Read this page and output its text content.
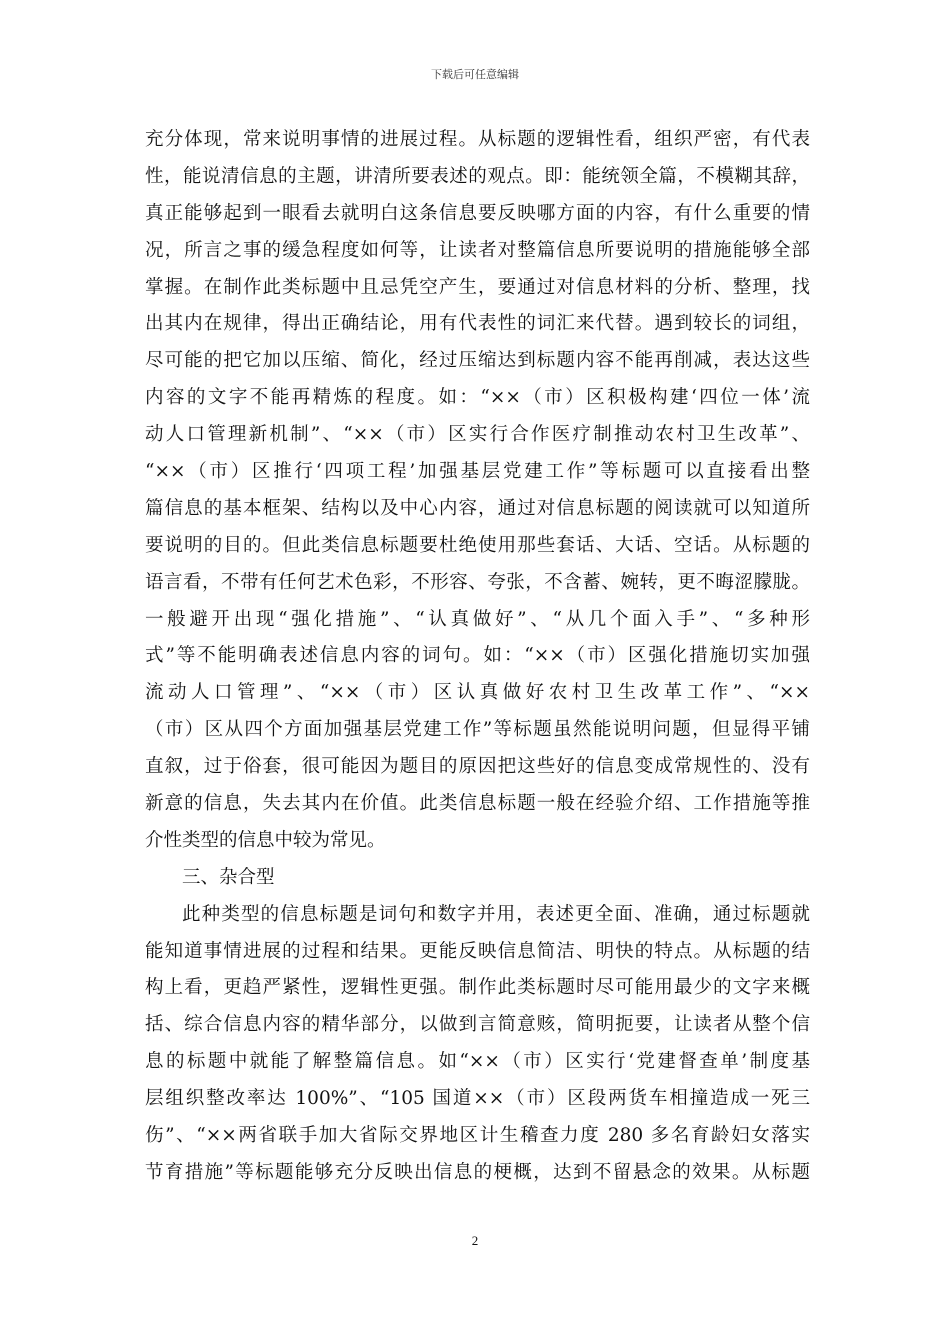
下载后可任意编辑
充分体现，常来说明事情的进展过程。从标题的逻辑性看，组织严密，有代表
性，能说清信息的主题，讲清所要表述的观点。即：能统领全篇，不模糊其辞，
真正能够起到一眼看去就明白这条信息要反映哪方面的内容，有什么重要的情
况，所言之事的缓急程度如何等，让读者对整篇信息所要说明的措施能够全部
掌握。在制作此类标题中且忌凭空产生，要通过对信息材料的分析、整理，找
出其内在规律，得出正确结论，用有代表性的词汇来代替。遇到较长的词组，
尽可能的把它加以压缩、简化，经过压缩达到标题内容不能再削减，表达这些
内容的文字不能再精炼的程度。如：“××（市）区积极构建‘四位一体’流
动人口管理新机制”、“××（市）区实行合作医疗制推动农村卫生改革”、
“××（市）区推行‘四项工程’加强基层党建工作”等标题可以直接看出整
篇信息的基本框架、结构以及中心内容，通过对信息标题的阅读就可以知道所
要说明的目的。但此类信息标题要杜绝使用那些套话、大话、空话。从标题的
语言看，不带有任何艺术色彩，不形容、夸张，不含蓄、婉转，更不晦涩朦胧。
一般避开出现“强化措施”、“认真做好”、“从几个面入手”、“多种形
式”等不能明确表述信息内容的词句。如：“××（市）区强化措施切实加强
流动人口管理”、“××（市）区认真做好农村卫生改革工作”、“××
（市）区从四个方面加强基层党建工作”等标题虽然能说明问题，但显得平铺
直叙，过于俗套，很可能因为题目的原因把这些好的信息变成常规性的、没有
新意的信息，失去其内在价值。此类信息标题一般在经验介绍、工作措施等推
介性类型的信息中较为常见。
三、杂合型
此种类型的信息标题是词句和数字并用，表述更全面、准确，通过标题就
能知道事情进展的过程和结果。更能反映信息简洁、明快的特点。从标题的结
构上看，更趋严紧性，逻辑性更强。制作此类标题时尽可能用最少的文字来概
括、综合信息内容的精华部分，以做到言简意赅，简明扼要，让读者从整个信
息的标题中就能了解整篇信息。如“××（市）区实行‘党建督查单’制度基
层组织整改率达 100%”、“105 国道××（市）区段两货车相撞造成一死三
伤”、“××两省联手加大省际交界地区计生稽查力度 280 多名育龄妇女落实
节育措施”等标题能够充分反映出信息的梗概，达到不留悬念的效果。从标题
2
